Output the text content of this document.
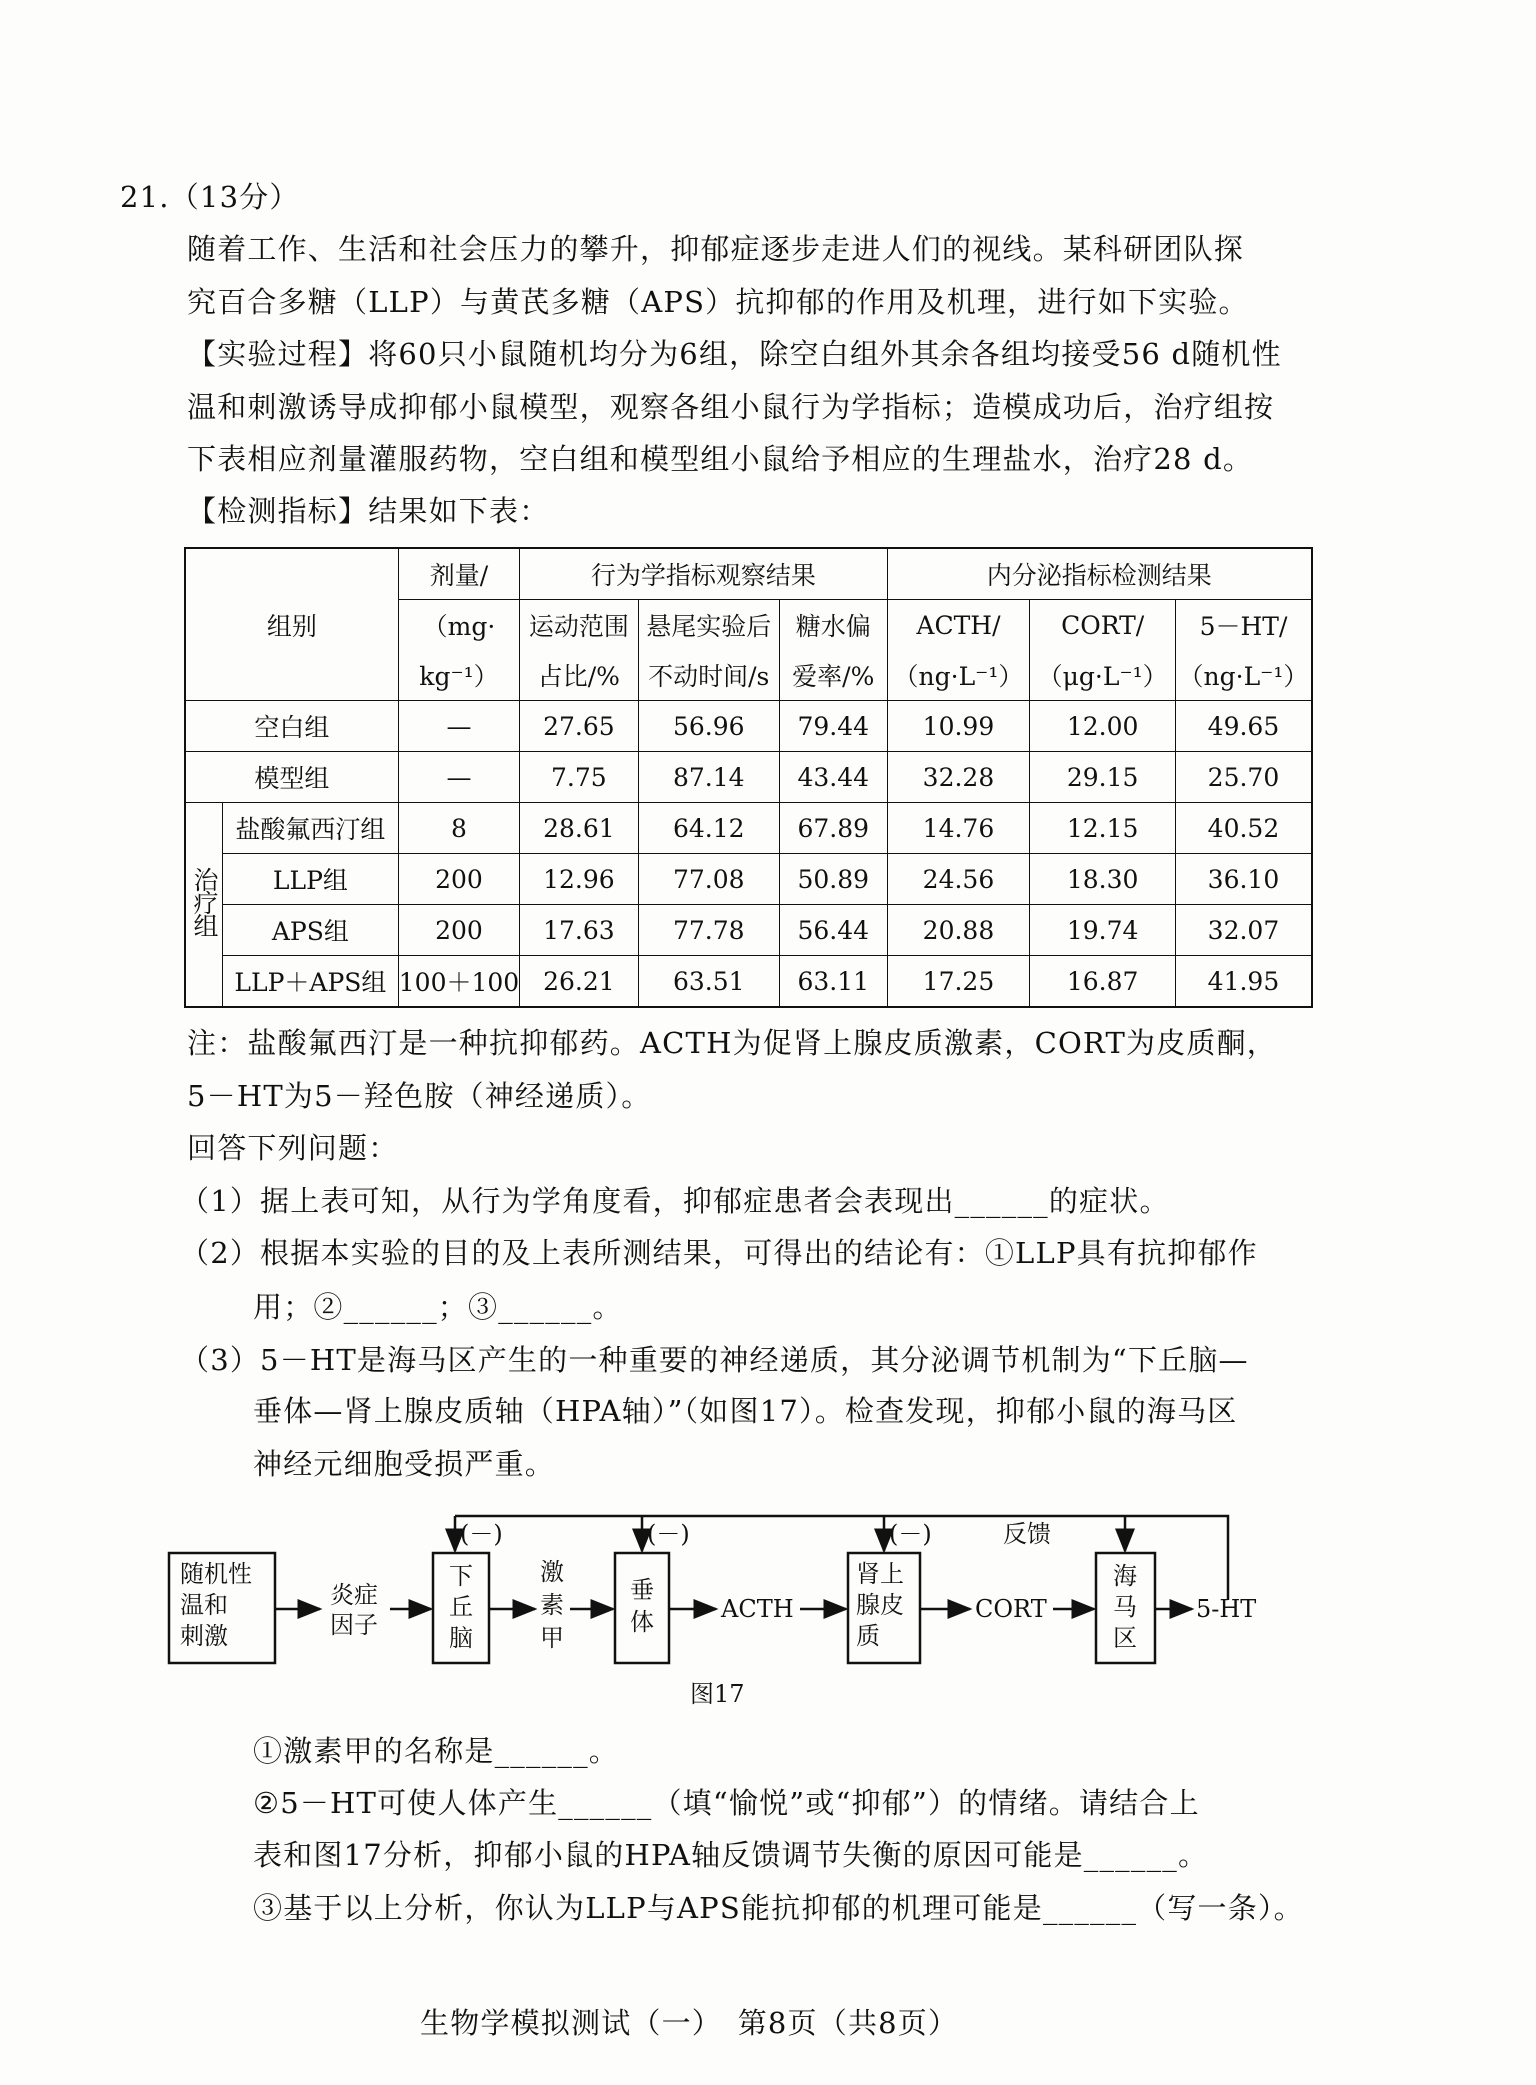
21.（13分）
随着工作、生活和社会压力的攀升，抑郁症逐步走进人们的视线。某科研团队探
究百合多糖（LLP）与黄芪多糖（APS）抗抑郁的作用及机理，进行如下实验。
【实验过程】将60只小鼠随机均分为6组，除空白组外其余各组均接受56 d随机性
温和刺激诱导成抑郁小鼠模型，观察各组小鼠行为学指标；造模成功后，治疗组按
下表相应剂量灌服药物，空白组和模型组小鼠给予相应的生理盐水，治疗28 d。
【检测指标】结果如下表：
组别		剂量/	行为学指标观察结果			内分泌指标检测结果		
		（mg·	运动范围	悬尾实验后	糖水偏	ACTH/	CORT/	5－HT/
		kg⁻¹）	占比/%	不动时间/s	爱率/%	（ng·L⁻¹）	（μg·L⁻¹）	（ng·L⁻¹）
空白组		—	27.65	56.96	79.44	10.99	12.00	49.65
模型组		—	7.75	87.14	43.44	32.28	29.15	25.70
治疗组	盐酸氟西汀组	8	28.61	64.12	67.89	14.76	12.15	40.52
	LLP组	200	12.96	77.08	50.89	24.56	18.30	36.10
	APS组	200	17.63	77.78	56.44	20.88	19.74	32.07
	LLP＋APS组	100＋100	26.21	63.51	63.11	17.25	16.87	41.95
注：盐酸氟西汀是一种抗抑郁药。ACTH为促肾上腺皮质激素，CORT为皮质酮，
5－HT为5－羟色胺（神经递质）。
回答下列问题：
（1）据上表可知，从行为学角度看，抑郁症患者会表现出______的症状。
（2）根据本实验的目的及上表所测结果，可得出的结论有：①LLP具有抗抑郁作
用；②______；③______。
（3）5－HT是海马区产生的一种重要的神经递质，其分泌调节机制为“下丘脑—
垂体—肾上腺皮质轴（HPA轴）”（如图17）。检查发现，抑郁小鼠的海马区
神经元细胞受损严重。
随机性
温和
刺激
炎症
因子
下
丘
脑
激
素
甲
垂
体	ACTH
肾上
腺皮
质
CORT
海
马
区
5-HT
(－)	(－)	(－)	反馈
图17
①激素甲的名称是______。
②5－HT可使人体产生______（填“愉悦”或“抑郁”）的情绪。请结合上
表和图17分析，抑郁小鼠的HPA轴反馈调节失衡的原因可能是______。
③基于以上分析，你认为LLP与APS能抗抑郁的机理可能是______（写一条）。
生物学模拟测试（一）　第8页（共8页）
